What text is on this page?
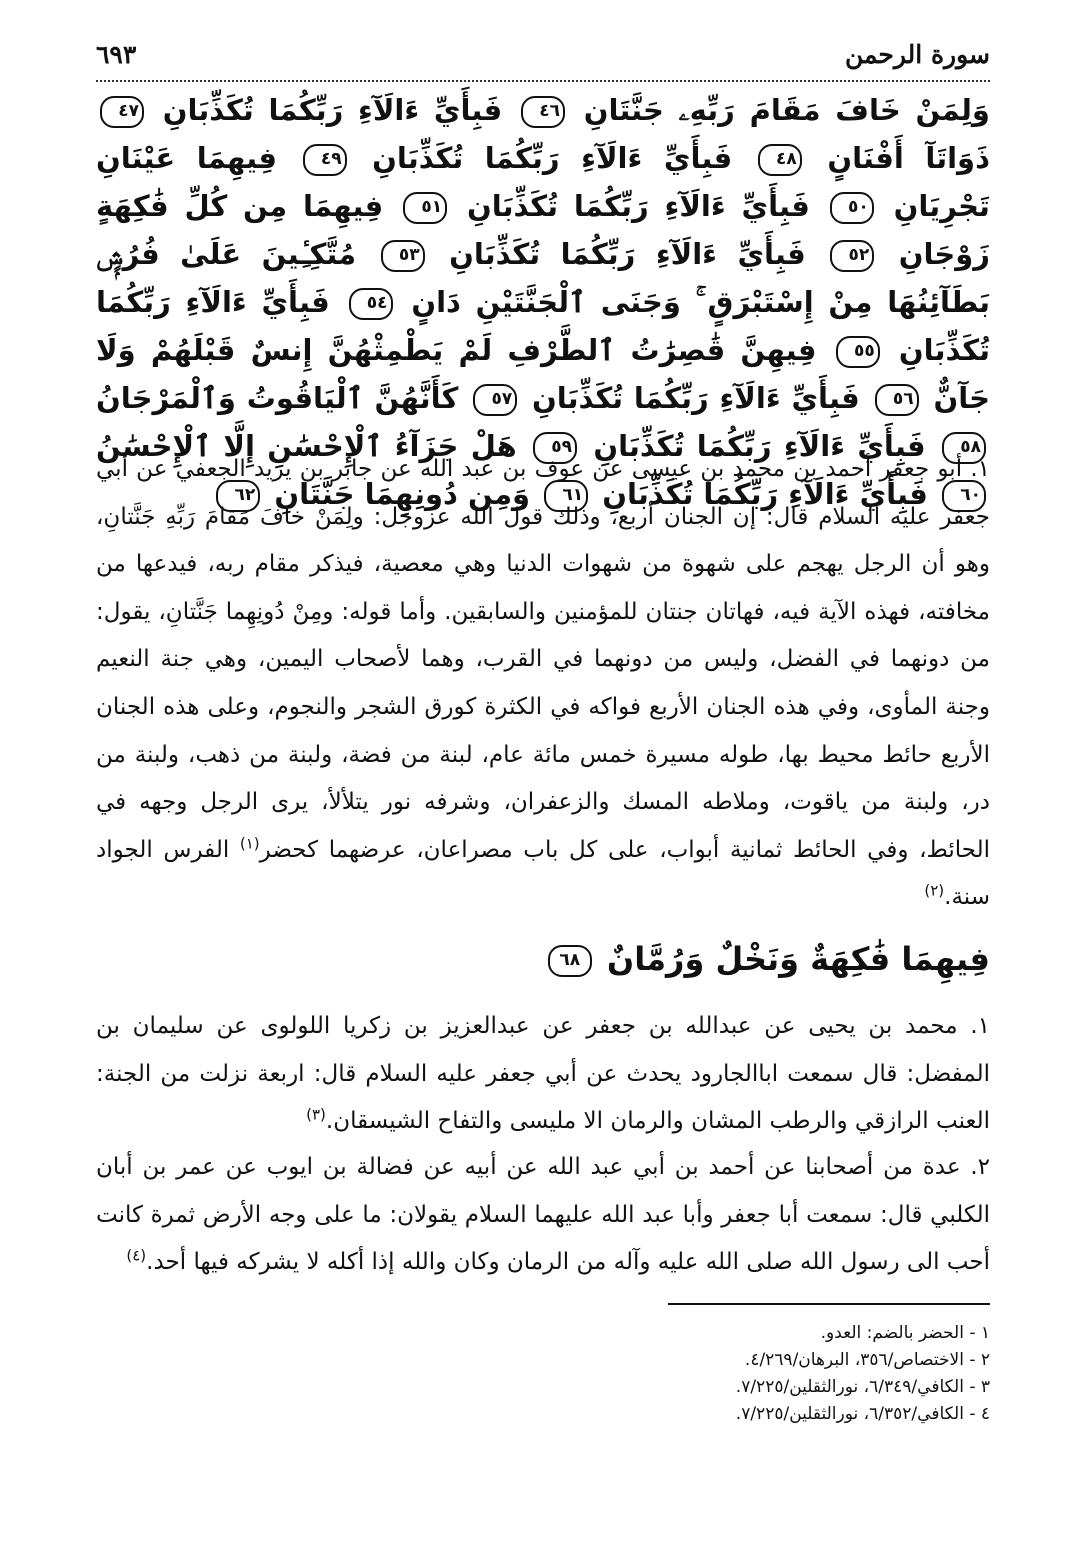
سورة الرحمن
٦٩٣
وَلِمَنْ خَافَ مَقَامَ رَبِّهِۦ جَنَّتَانِ ٤٦ فَبِأَيِّ ءَالَآءِ رَبِّكُمَا تُكَذِّبَانِ ٤٧ ذَوَاتَآ أَفْنَانٍ ٤٨ فَبِأَيِّ ءَالَآءِ رَبِّكُمَا تُكَذِّبَانِ ٤٩ فِيهِمَا عَيْنَانِ تَجْرِيَانِ ٥٠ فَبِأَيِّ ءَالَآءِ رَبِّكُمَا تُكَذِّبَانِ ٥١ فِيهِمَا مِن كُلِّ فَٰكِهَةٍ زَوْجَانِ ٥٢ فَبِأَيِّ ءَالَآءِ رَبِّكُمَا تُكَذِّبَانِ ٥٣ مُتَّكِـِٔينَ عَلَىٰ فُرُشٍۭ بَطَآئِنُهَا مِنْ إِسْتَبْرَقٍ ۚ وَجَنَى ٱلْجَنَّتَيْنِ دَانٍ ٥٤ فَبِأَيِّ ءَالَآءِ رَبِّكُمَا تُكَذِّبَانِ ٥٥ فِيهِنَّ قَٰصِرَٰتُ ٱلطَّرْفِ لَمْ يَطْمِثْهُنَّ إِنسٌ قَبْلَهُمْ وَلَا جَآنٌّ ٥٦ فَبِأَيِّ ءَالَآءِ رَبِّكُمَا تُكَذِّبَانِ ٥٧ كَأَنَّهُنَّ ٱلْيَاقُوتُ وَٱلْمَرْجَانُ ٥٨ فَبِأَيِّ ءَالَآءِ رَبِّكُمَا تُكَذِّبَانِ ٥٩ هَلْ جَزَآءُ ٱلْإِحْسَٰنِ إِلَّا ٱلْإِحْسَٰنُ ٦٠ فَبِأَيِّ ءَالَآءِ رَبِّكُمَا تُكَذِّبَانِ ٦١ وَمِن دُونِهِمَا جَنَّتَانِ ٦٢

١. أبو جعفر أحمد بن محمد بن عيسى عن عوف بن عبد الله عن جابر بن يزيد الجعفي عن أبي جعفر عليه السلام قال: إن الجنان أربع، وذلك قول الله عزوجل: ولِمَنْ خافَ مَقامَ رَبِّهِ جَنَّتانِ، وهو أن الرجل يهجم على شهوة من شهوات الدنيا وهي معصية، فيذكر مقام ربه، فيدعها من مخافته، فهذه الآية فيه، فهاتان جنتان للمؤمنين والسابقين. وأما قوله: ومِنْ دُونِهِما جَنَّتانِ، يقول: من دونهما في الفضل، وليس من دونهما في القرب، وهما لأصحاب اليمين، وهي جنة النعيم وجنة المأوى، وفي هذه الجنان الأربع فواكه في الكثرة كورق الشجر والنجوم، وعلى هذه الجنان الأربع حائط محيط بها، طوله مسيرة خمس مائة عام، لبنة من فضة، ولبنة من ذهب، ولبنة من در، ولبنة من ياقوت، وملاطه المسك والزعفران، وشرفه نور يتلألأ، يرى الرجل وجهه في الحائط، وفي الحائط ثمانية أبواب، على كل باب مصراعان، عرضهما كحضر$^{(١)}$ الفرس الجواد سنة.$^{(٢)}$

فِيهِمَا فَٰكِهَةٌ وَنَخْلٌ وَرُمَّانٌ ٦٨

١. محمد بن يحيى عن عبدالله بن جعفر عن عبدالعزيز بن زكريا اللولوى عن سليمان بن المفضل: قال سمعت اباالجارود يحدث عن أبي جعفر عليه السلام قال: اربعة نزلت من الجنة: العنب الرازقي والرطب المشان والرمان الا مليسى والتفاح الشيسقان.$^{(٣)}$

٢. عدة من أصحابنا عن أحمد بن أبي عبد الله عن أبيه عن فضالة بن ايوب عن عمر بن أبان الكلبي قال: سمعت أبا جعفر وأبا عبد الله عليهما السلام يقولان: ما على وجه الأرض ثمرة كانت أحب الى رسول الله صلى الله عليه وآله من الرمان وكان والله إذا أكله لا يشركه فيها أحد.$^{(٤)}$

١ - الحضر بالضم: العدو.
٢ - الاختصاص/٣٥٦، البرهان/٤/٢٦٩.
٣ - الكافي/٦/٣٤٩، نورالثقلين/٧/٢٢٥.
٤ - الكافي/٦/٣٥٢، نورالثقلين/٧/٢٢٥.
